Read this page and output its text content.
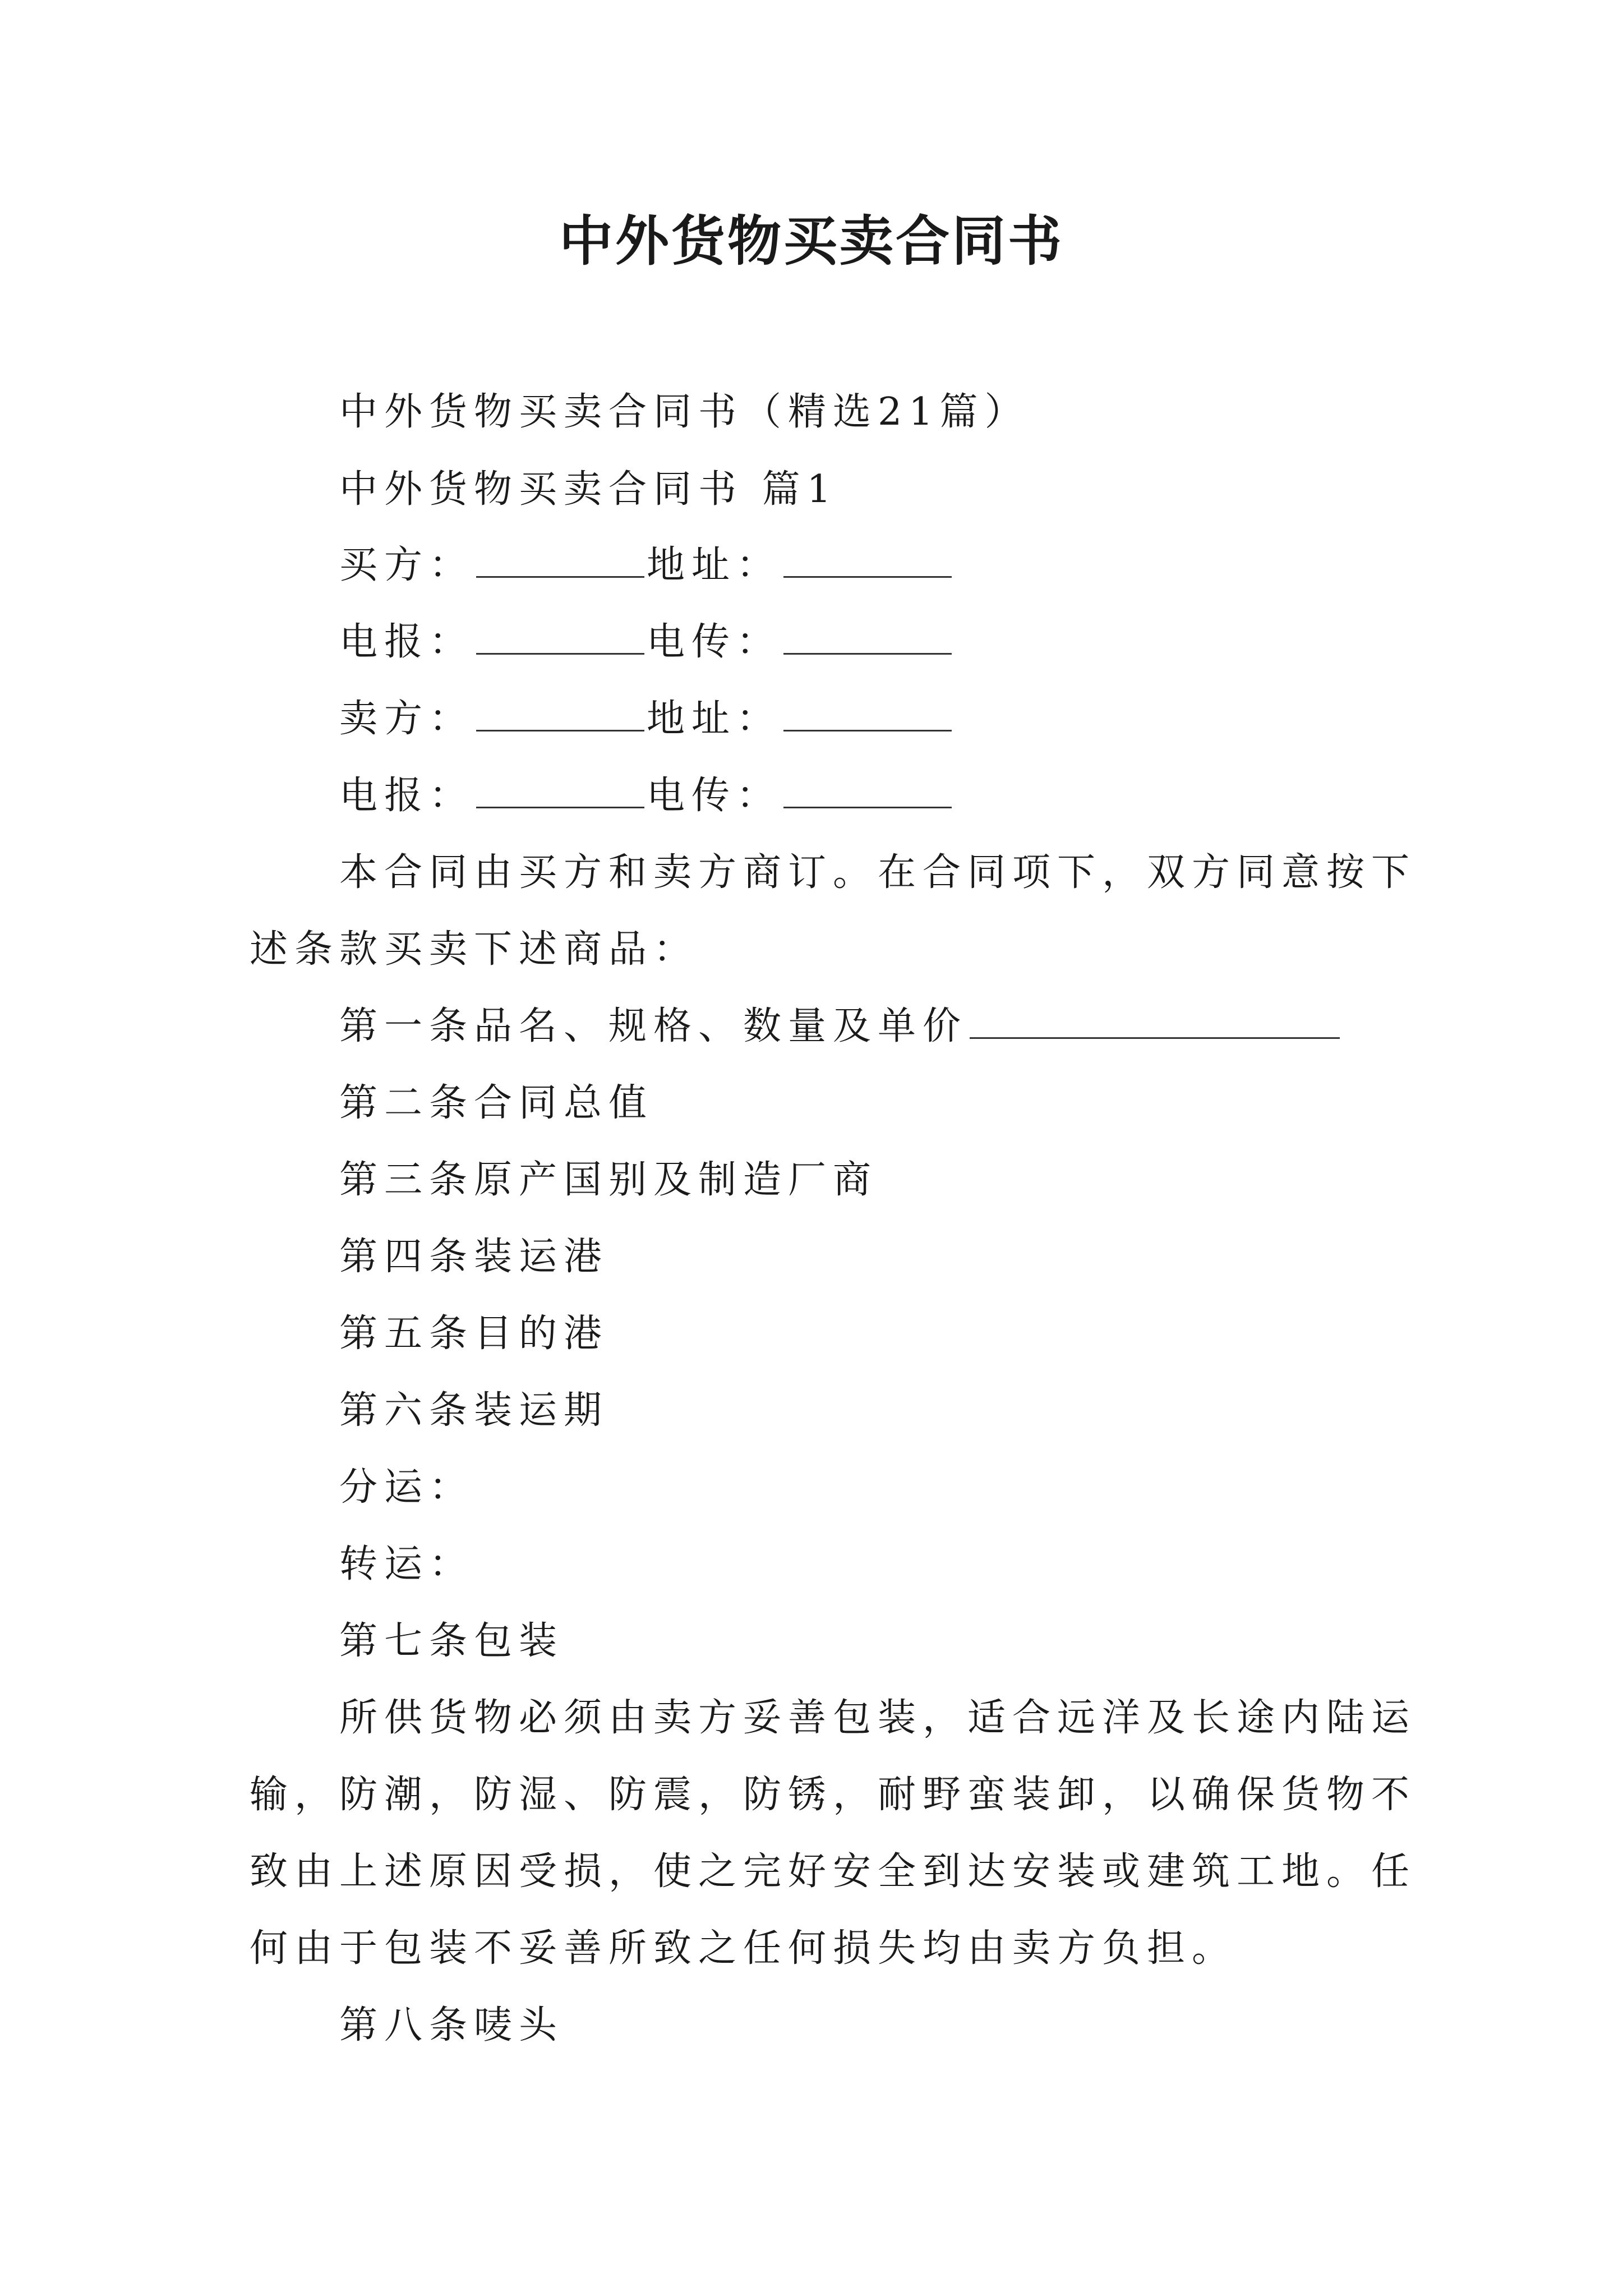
中外货物买卖合同书
中外货物买卖合同书（精选21篇）
中外货物买卖合同书 篇1
买方：	地址：
电报：	电传：
卖方：	地址：
电报：	电传：
本合同由买方和卖方商订。在合同项下，双方同意按下
述条款买卖下述商品：
第一条品名、规格、数量及单价
第二条合同总值
第三条原产国别及制造厂商
第四条装运港
第五条目的港
第六条装运期
分运：
转运：
第七条包装
所供货物必须由卖方妥善包装，适合远洋及长途内陆运
输，防潮，防湿、防震，防锈，耐野蛮装卸，以确保货物不
致由上述原因受损，使之完好安全到达安装或建筑工地。任
何由于包装不妥善所致之任何损失均由卖方负担。
第八条唛头
